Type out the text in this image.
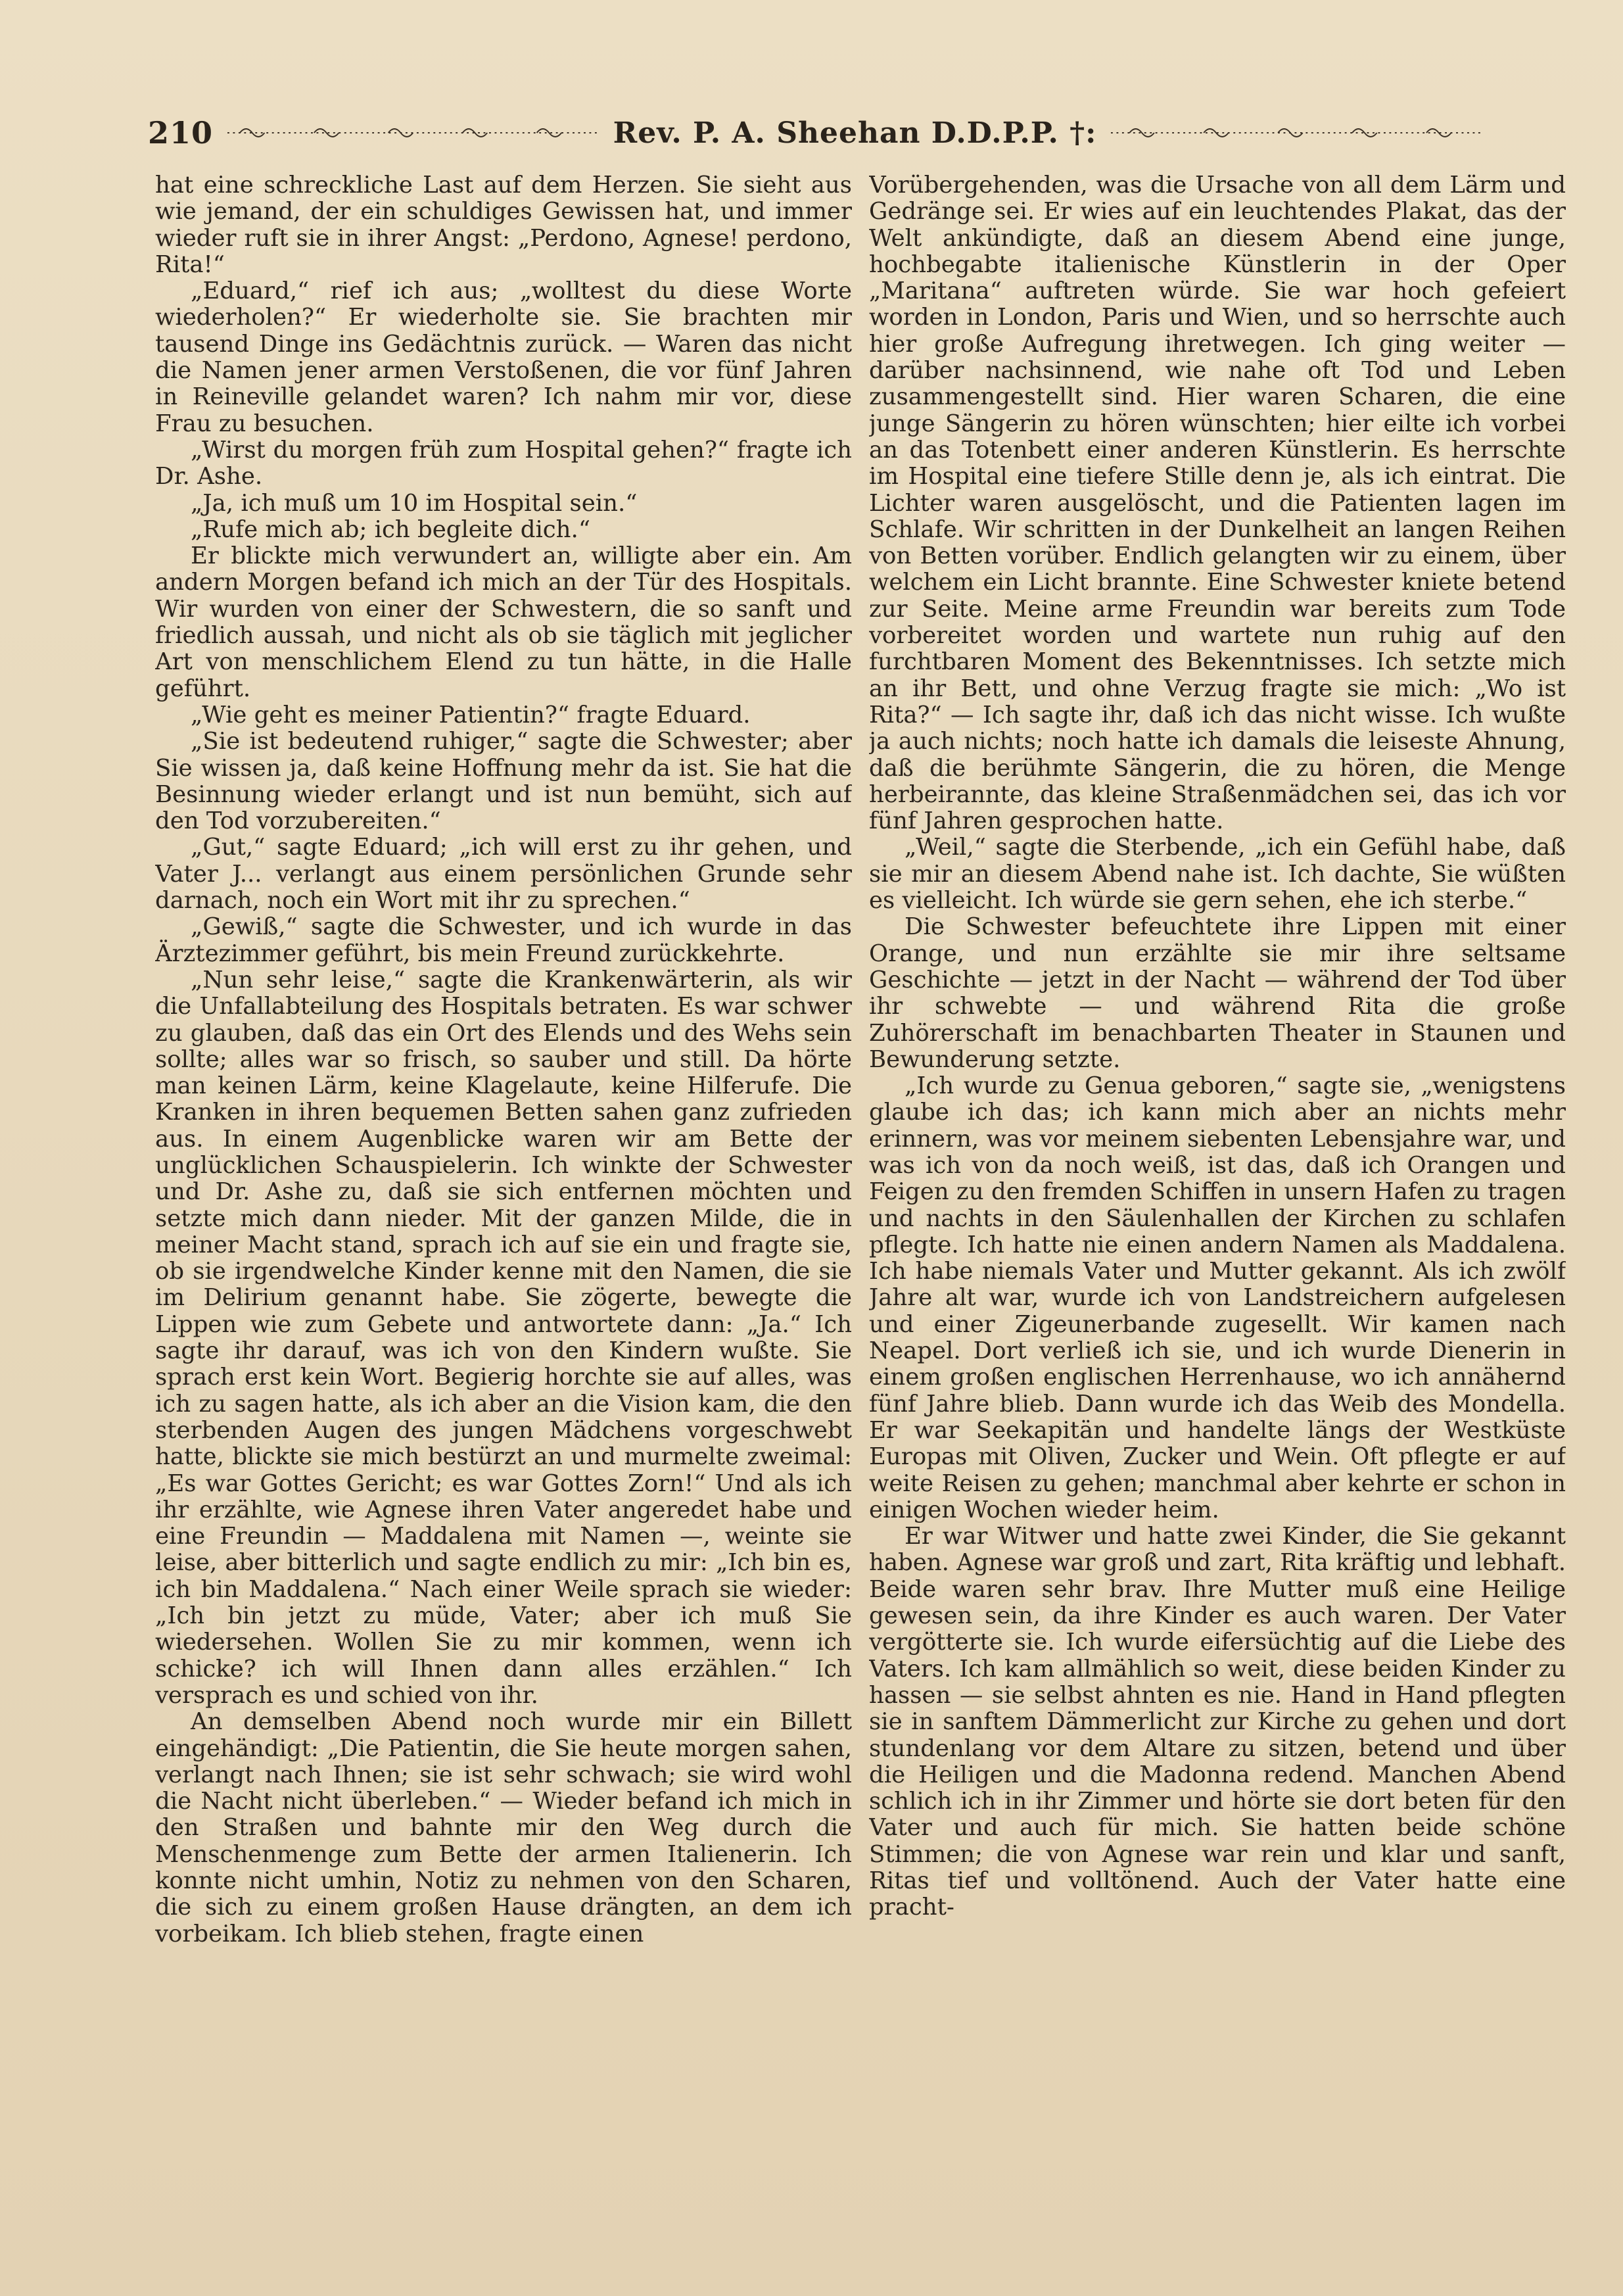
210	Rev. P. A. Sheehan D.D.P.P. †:

hat eine schreckliche Last auf dem Herzen. Sie sieht aus wie jemand, der ein schuldiges Gewissen hat, und immer wieder ruft sie in ihrer Angst: „Perdono, Agnese! perdono, Rita!“

„Eduard,“ rief ich aus; „wolltest du diese Worte wiederholen?“ Er wiederholte sie. Sie brachten mir tausend Dinge ins Gedächtnis zurück. — Waren das nicht die Namen jener armen Verstoßenen, die vor fünf Jahren in Reineville gelandet waren? Ich nahm mir vor, diese Frau zu besuchen.

„Wirst du morgen früh zum Hospital gehen?“ fragte ich Dr. Ashe.

„Ja, ich muß um 10 im Hospital sein.“

„Rufe mich ab; ich begleite dich.“

Er blickte mich verwundert an, willigte aber ein. Am andern Morgen befand ich mich an der Tür des Hospitals. Wir wurden von einer der Schwestern, die so sanft und friedlich aussah, und nicht als ob sie täglich mit jeglicher Art von menschlichem Elend zu tun hätte, in die Halle geführt.

„Wie geht es meiner Patientin?“ fragte Eduard.

„Sie ist bedeutend ruhiger,“ sagte die Schwester; aber Sie wissen ja, daß keine Hoffnung mehr da ist. Sie hat die Besinnung wieder erlangt und ist nun bemüht, sich auf den Tod vorzubereiten.“

„Gut,“ sagte Eduard; „ich will erst zu ihr gehen, und Vater J... verlangt aus einem persönlichen Grunde sehr darnach, noch ein Wort mit ihr zu sprechen.“

„Gewiß,“ sagte die Schwester, und ich wurde in das Ärztezimmer geführt, bis mein Freund zurückkehrte.

„Nun sehr leise,“ sagte die Krankenwärterin, als wir die Unfallabteilung des Hospitals betraten. Es war schwer zu glauben, daß das ein Ort des Elends und des Wehs sein sollte; alles war so frisch, so sauber und still. Da hörte man keinen Lärm, keine Klagelaute, keine Hilferufe. Die Kranken in ihren bequemen Betten sahen ganz zufrieden aus. In einem Augenblicke waren wir am Bette der unglücklichen Schauspielerin. Ich winkte der Schwester und Dr. Ashe zu, daß sie sich entfernen möchten und setzte mich dann nieder. Mit der ganzen Milde, die in meiner Macht stand, sprach ich auf sie ein und fragte sie, ob sie irgendwelche Kinder kenne mit den Namen, die sie im Delirium genannt habe. Sie zögerte, bewegte die Lippen wie zum Gebete und antwortete dann: „Ja.“ Ich sagte ihr darauf, was ich von den Kindern wußte. Sie sprach erst kein Wort. Begierig horchte sie auf alles, was ich zu sagen hatte, als ich aber an die Vision kam, die den sterbenden Augen des jungen Mädchens vorgeschwebt hatte, blickte sie mich bestürzt an und murmelte zweimal: „Es war Gottes Gericht; es war Gottes Zorn!“ Und als ich ihr erzählte, wie Agnese ihren Vater angeredet habe und eine Freundin — Maddalena mit Namen —, weinte sie leise, aber bitterlich und sagte endlich zu mir: „Ich bin es, ich bin Maddalena.“ Nach einer Weile sprach sie wieder: „Ich bin jetzt zu müde, Vater; aber ich muß Sie wiedersehen. Wollen Sie zu mir kommen, wenn ich schicke? ich will Ihnen dann alles erzählen.“ Ich versprach es und schied von ihr.

An demselben Abend noch wurde mir ein Billett eingehändigt: „Die Patientin, die Sie heute morgen sahen, verlangt nach Ihnen; sie ist sehr schwach; sie wird wohl die Nacht nicht überleben.“ — Wieder befand ich mich in den Straßen und bahnte mir den Weg durch die Menschenmenge zum Bette der armen Italienerin. Ich konnte nicht umhin, Notiz zu nehmen von den Scharen, die sich zu einem großen Hause drängten, an dem ich vorbeikam. Ich blieb stehen, fragte einen

Vorübergehenden, was die Ursache von all dem Lärm und Gedränge sei. Er wies auf ein leuchtendes Plakat, das der Welt ankündigte, daß an diesem Abend eine junge, hochbegabte italienische Künstlerin in der Oper „Maritana“ auftreten würde. Sie war hoch gefeiert worden in London, Paris und Wien, und so herrschte auch hier große Aufregung ihretwegen. Ich ging weiter — darüber nachsinnend, wie nahe oft Tod und Leben zusammengestellt sind. Hier waren Scharen, die eine junge Sängerin zu hören wünschten; hier eilte ich vorbei an das Totenbett einer anderen Künstlerin. Es herrschte im Hospital eine tiefere Stille denn je, als ich eintrat. Die Lichter waren ausgelöscht, und die Patienten lagen im Schlafe. Wir schritten in der Dunkelheit an langen Reihen von Betten vorüber. Endlich gelangten wir zu einem, über welchem ein Licht brannte. Eine Schwester kniete betend zur Seite. Meine arme Freundin war bereits zum Tode vorbereitet worden und wartete nun ruhig auf den furchtbaren Moment des Bekenntnisses. Ich setzte mich an ihr Bett, und ohne Verzug fragte sie mich: „Wo ist Rita?“ — Ich sagte ihr, daß ich das nicht wisse. Ich wußte ja auch nichts; noch hatte ich damals die leiseste Ahnung, daß die berühmte Sängerin, die zu hören, die Menge herbeirannte, das kleine Straßenmädchen sei, das ich vor fünf Jahren gesprochen hatte.

„Weil,“ sagte die Sterbende, „ich ein Gefühl habe, daß sie mir an diesem Abend nahe ist. Ich dachte, Sie wüßten es vielleicht. Ich würde sie gern sehen, ehe ich sterbe.“

Die Schwester befeuchtete ihre Lippen mit einer Orange, und nun erzählte sie mir ihre seltsame Geschichte — jetzt in der Nacht — während der Tod über ihr schwebte — und während Rita die große Zuhörerschaft im benachbarten Theater in Staunen und Bewunderung setzte.

„Ich wurde zu Genua geboren,“ sagte sie, „wenigstens glaube ich das; ich kann mich aber an nichts mehr erinnern, was vor meinem siebenten Lebensjahre war, und was ich von da noch weiß, ist das, daß ich Orangen und Feigen zu den fremden Schiffen in unsern Hafen zu tragen und nachts in den Säulenhallen der Kirchen zu schlafen pflegte. Ich hatte nie einen andern Namen als Maddalena. Ich habe niemals Vater und Mutter gekannt. Als ich zwölf Jahre alt war, wurde ich von Landstreichern aufgelesen und einer Zigeunerbande zugesellt. Wir kamen nach Neapel. Dort verließ ich sie, und ich wurde Dienerin in einem großen englischen Herrenhause, wo ich annähernd fünf Jahre blieb. Dann wurde ich das Weib des Mondella. Er war Seekapitän und handelte längs der Westküste Europas mit Oliven, Zucker und Wein. Oft pflegte er auf weite Reisen zu gehen; manchmal aber kehrte er schon in einigen Wochen wieder heim.

Er war Witwer und hatte zwei Kinder, die Sie gekannt haben. Agnese war groß und zart, Rita kräftig und lebhaft. Beide waren sehr brav. Ihre Mutter muß eine Heilige gewesen sein, da ihre Kinder es auch waren. Der Vater vergötterte sie. Ich wurde eifersüchtig auf die Liebe des Vaters. Ich kam allmählich so weit, diese beiden Kinder zu hassen — sie selbst ahnten es nie. Hand in Hand pflegten sie in sanftem Dämmerlicht zur Kirche zu gehen und dort stundenlang vor dem Altare zu sitzen, betend und über die Heiligen und die Madonna redend. Manchen Abend schlich ich in ihr Zimmer und hörte sie dort beten für den Vater und auch für mich. Sie hatten beide schöne Stimmen; die von Agnese war rein und klar und sanft, Ritas tief und volltönend. Auch der Vater hatte eine pracht-
